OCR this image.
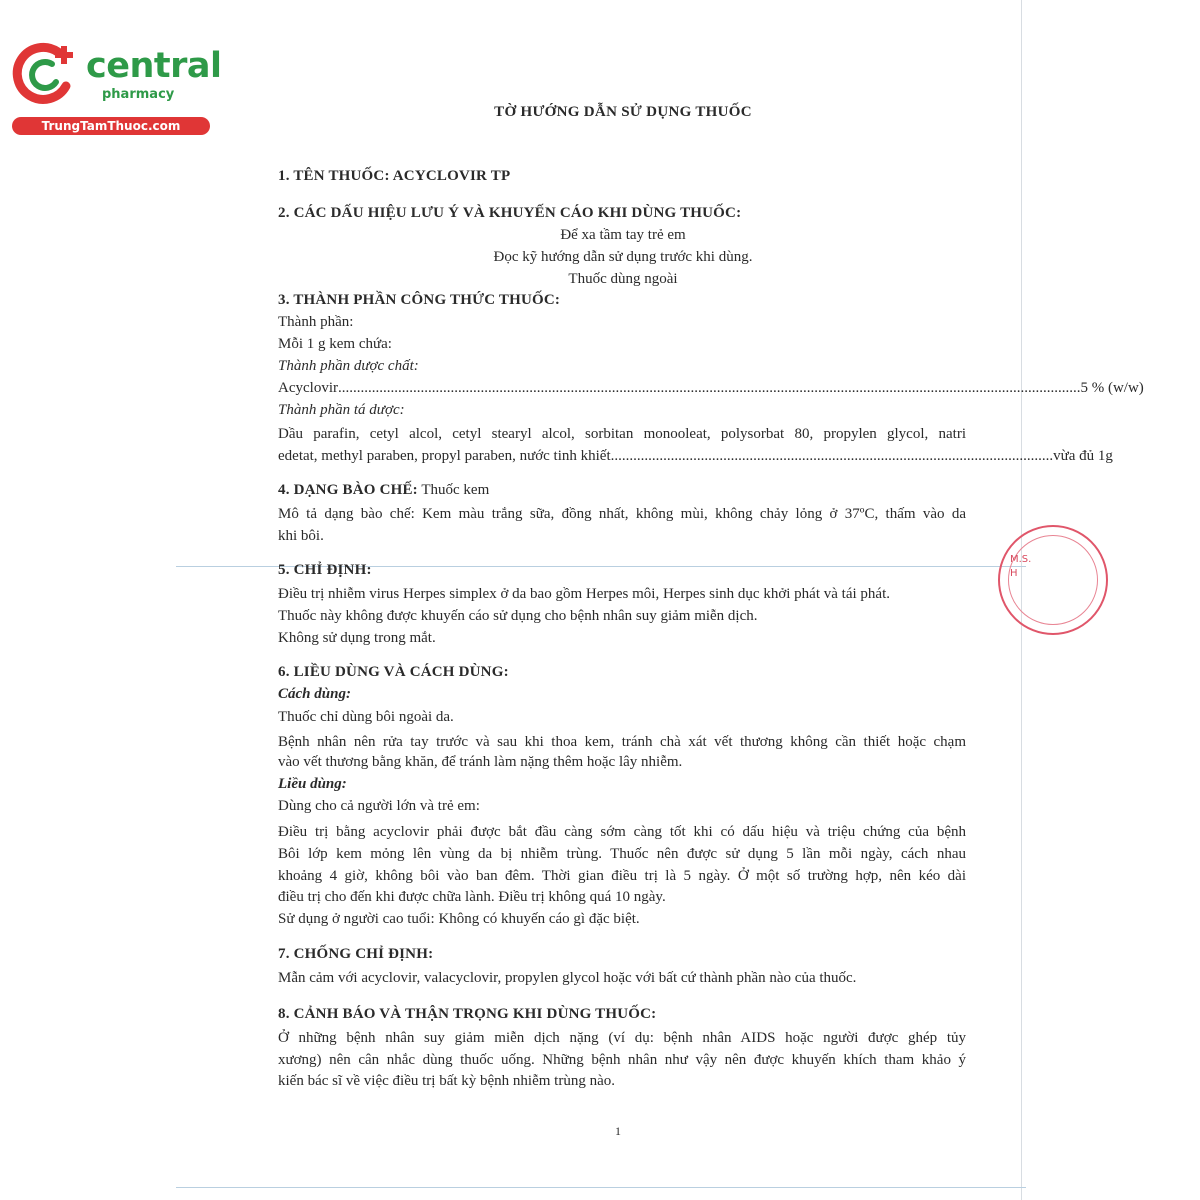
M.S. H
central
pharmacy
TrungTamThuoc.com
TỜ HƯỚNG DẪN SỬ DỤNG THUỐC
1. TÊN THUỐC: ACYCLOVIR TP
2. CÁC DẤU HIỆU LƯU Ý VÀ KHUYẾN CÁO KHI DÙNG THUỐC:
Để xa tầm tay trẻ em
Đọc kỹ hướng dẫn sử dụng trước khi dùng.
Thuốc dùng ngoài
3. THÀNH PHẦN CÔNG THỨC THUỐC:
Thành phần:
Mỗi 1 g kem chứa:
Thành phần dược chất:
Acyclovir ...................................................................................................................................................................................................... 5 % (w/w)
Thành phần tá dược:
Dầu parafin, cetyl alcol, cetyl stearyl alcol, sorbitan monooleat, polysorbat 80, propylen glycol, natri
edetat, methyl paraben, propyl paraben, nước tinh khiết ...................................................................................................................... vừa đủ 1g
4. DẠNG BÀO CHẾ: Thuốc kem
Mô tả dạng bào chế: Kem màu trắng sữa, đồng nhất, không mùi, không chảy lỏng ở 37ºC, thấm vào da
khi bôi.
5. CHỈ ĐỊNH:
Điều trị nhiễm virus Herpes simplex ở da bao gồm Herpes môi, Herpes sinh dục khởi phát và tái phát.
Thuốc này không được khuyến cáo sử dụng cho bệnh nhân suy giảm miễn dịch.
Không sử dụng trong mắt.
6. LIỀU DÙNG VÀ CÁCH DÙNG:
Cách dùng:
Thuốc chỉ dùng bôi ngoài da.
Bệnh nhân nên rửa tay trước và sau khi thoa kem, tránh chà xát vết thương không cần thiết hoặc chạm
vào vết thương bằng khăn, để tránh làm nặng thêm hoặc lây nhiễm.
Liều dùng:
Dùng cho cả người lớn và trẻ em:
Điều trị bằng acyclovir phải được bắt đầu càng sớm càng tốt khi có dấu hiệu và triệu chứng của bệnh
Bôi lớp kem mỏng lên vùng da bị nhiễm trùng. Thuốc nên được sử dụng 5 lần mỗi ngày, cách nhau
khoảng 4 giờ, không bôi vào ban đêm. Thời gian điều trị là 5 ngày. Ở một số trường hợp, nên kéo dài
điều trị cho đến khi được chữa lành. Điều trị không quá 10 ngày.
Sử dụng ở người cao tuổi: Không có khuyến cáo gì đặc biệt.
7. CHỐNG CHỈ ĐỊNH:
Mẫn cảm với acyclovir, valacyclovir, propylen glycol hoặc với bất cứ thành phần nào của thuốc.
8. CẢNH BÁO VÀ THẬN TRỌNG KHI DÙNG THUỐC:
Ở những bệnh nhân suy giảm miễn dịch nặng (ví dụ: bệnh nhân AIDS hoặc người được ghép tủy
xương) nên cân nhắc dùng thuốc uống. Những bệnh nhân như vậy nên được khuyến khích tham khảo ý
kiến bác sĩ về việc điều trị bất kỳ bệnh nhiễm trùng nào.
1
